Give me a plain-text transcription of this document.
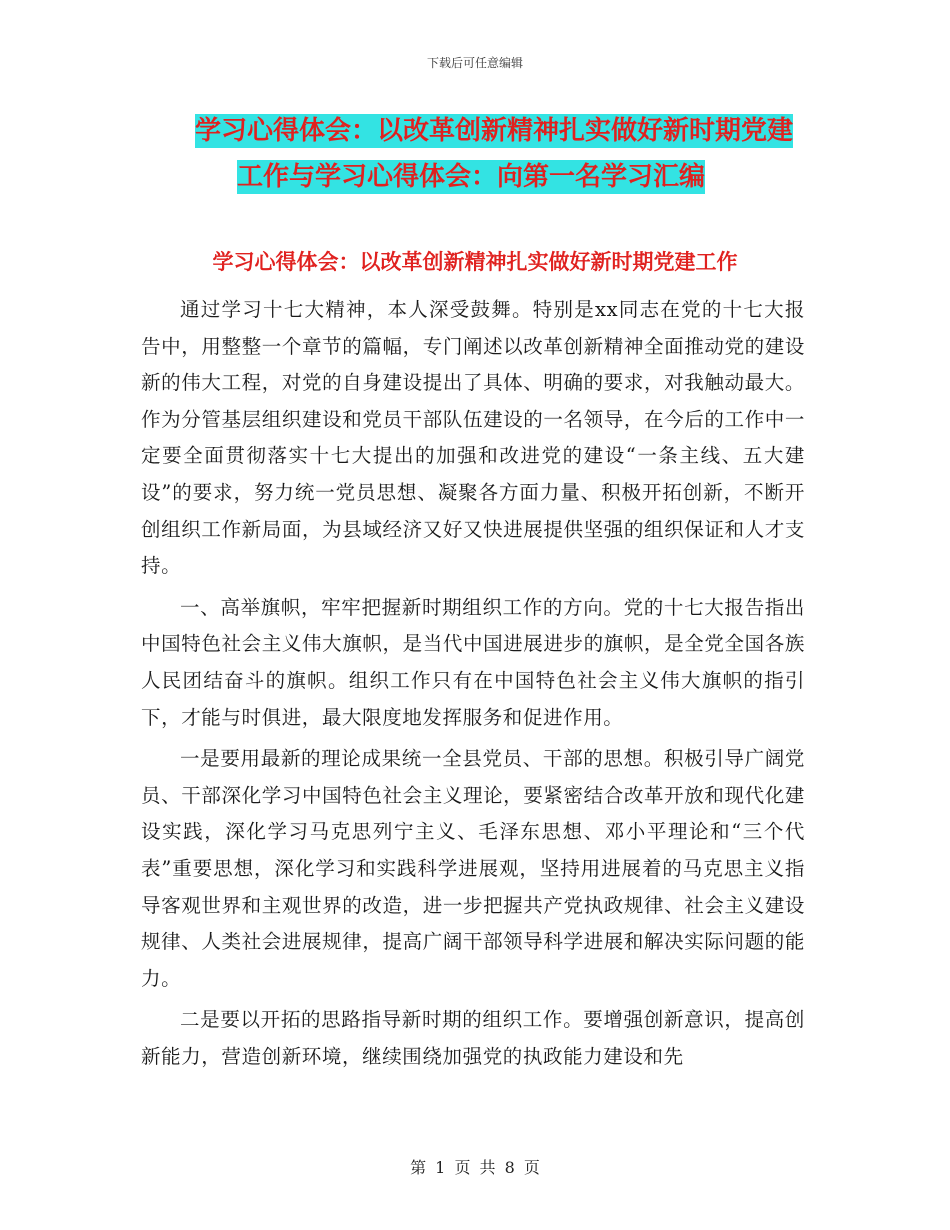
下载后可任意编辑
学习心得体会：以改革创新精神扎实做好新时期党建
工作与学习心得体会：向第一名学习汇编
学习心得体会：以改革创新精神扎实做好新时期党建工作

通过学习十七大精神，本人深受鼓舞。特别是xx同志在党的十七大报告中，用整整一个章节的篇幅，专门阐述以改革创新精神全面推动党的建设新的伟大工程，对党的自身建设提出了具体、明确的要求，对我触动最大。作为分管基层组织建设和党员干部队伍建设的一名领导，在今后的工作中一定要全面贯彻落实十七大提出的加强和改进党的建设“一条主线、五大建设”的要求，努力统一党员思想、凝聚各方面力量、积极开拓创新，不断开创组织工作新局面，为县域经济又好又快进展提供坚强的组织保证和人才支持。

一、高举旗帜，牢牢把握新时期组织工作的方向。党的十七大报告指出中国特色社会主义伟大旗帜，是当代中国进展进步的旗帜，是全党全国各族人民团结奋斗的旗帜。组织工作只有在中国特色社会主义伟大旗帜的指引下，才能与时俱进，最大限度地发挥服务和促进作用。

一是要用最新的理论成果统一全县党员、干部的思想。积极引导广阔党员、干部深化学习中国特色社会主义理论，要紧密结合改革开放和现代化建设实践，深化学习马克思列宁主义、毛泽东思想、邓小平理论和“三个代表”重要思想，深化学习和实践科学进展观，坚持用进展着的马克思主义指导客观世界和主观世界的改造，进一步把握共产党执政规律、社会主义建设规律、人类社会进展规律，提高广阔干部领导科学进展和解决实际问题的能力。

二是要以开拓的思路指导新时期的组织工作。要增强创新意识，提高创新能力，营造创新环境，继续围绕加强党的执政能力建设和先

第 1 页 共 8 页
